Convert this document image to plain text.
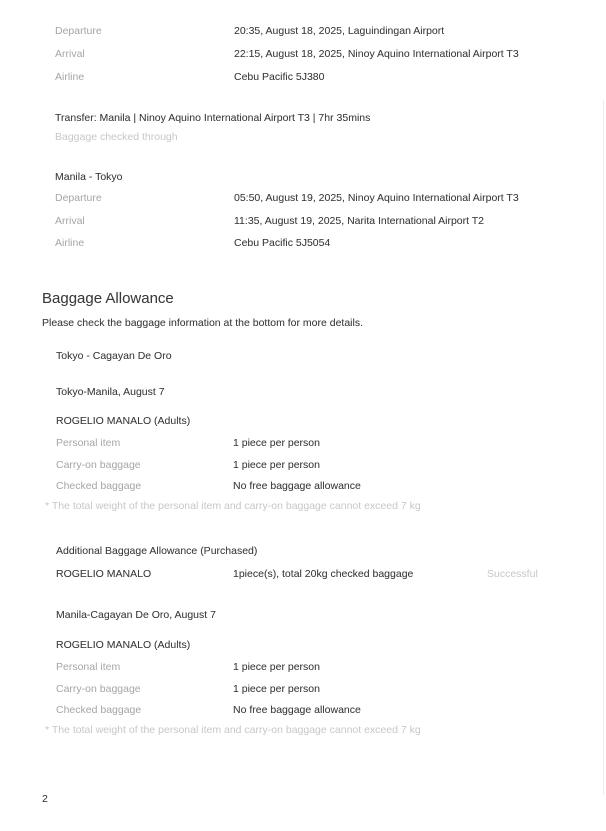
Departure	20:35, August 18, 2025, Laguindingan Airport
Arrival	22:15, August 18, 2025, Ninoy Aquino International Airport T3
Airline	Cebu Pacific 5J380
Transfer: Manila | Ninoy Aquino International Airport T3 | 7hr 35mins
Baggage checked through
Manila - Tokyo
Departure	05:50, August 19, 2025, Ninoy Aquino International Airport T3
Arrival	11:35, August 19, 2025, Narita International Airport T2
Airline	Cebu Pacific 5J5054
Baggage Allowance
Please check the baggage information at the bottom for more details.
Tokyo - Cagayan De Oro
Tokyo-Manila, August 7
ROGELIO MANALO (Adults)
Personal item	1 piece per person
Carry-on baggage	1 piece per person
Checked baggage	No free baggage allowance
* The total weight of the personal item and carry-on baggage cannot exceed 7 kg
Additional Baggage Allowance (Purchased)
ROGELIO MANALO	1piece(s), total 20kg checked baggage	Successful
Manila-Cagayan De Oro, August 7
ROGELIO MANALO (Adults)
Personal item	1 piece per person
Carry-on baggage	1 piece per person
Checked baggage	No free baggage allowance
* The total weight of the personal item and carry-on baggage cannot exceed 7 kg
2
